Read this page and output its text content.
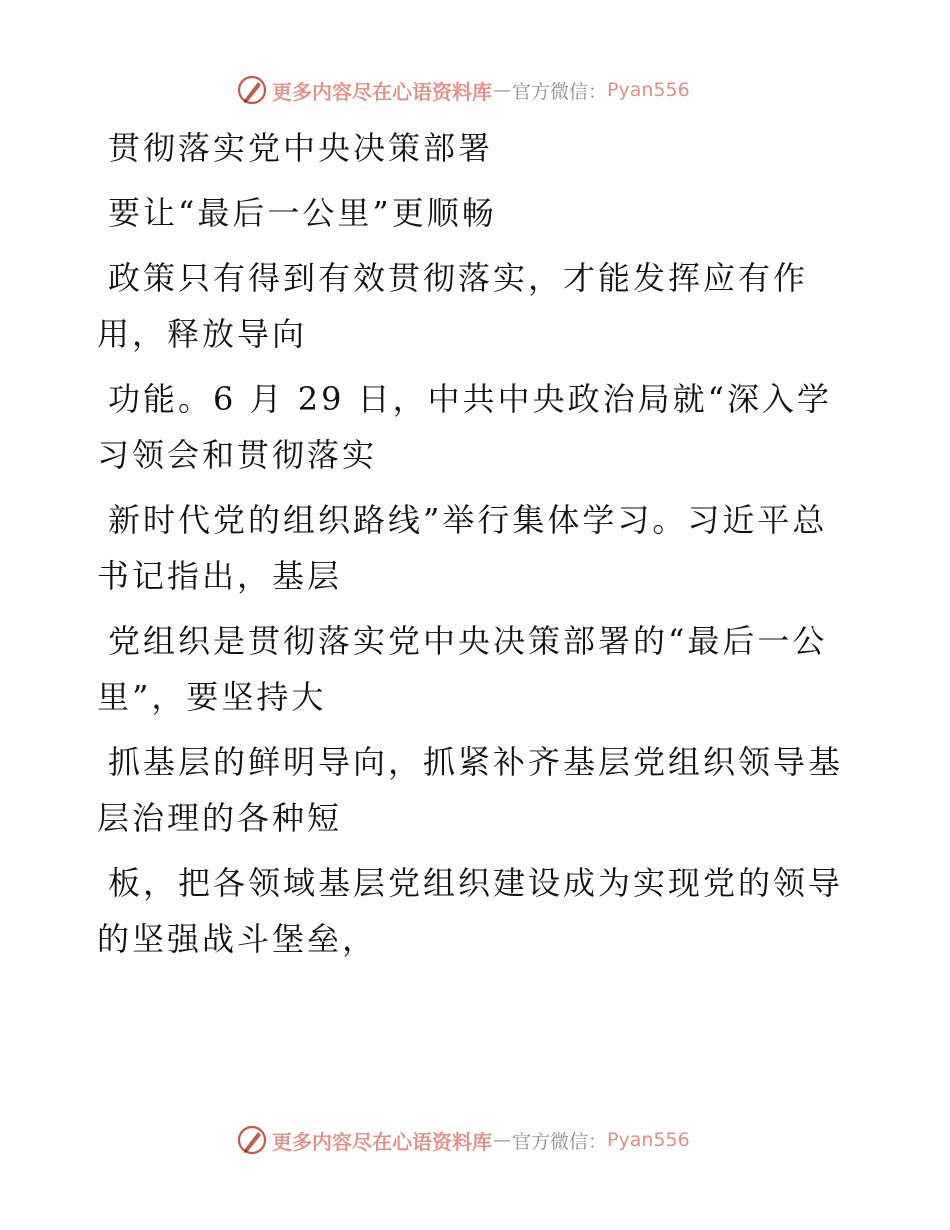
更多内容尽在心语资料库 — 官方微信： Pyan556
贯彻落实党中央决策部署
要让“最后一公里”更顺畅
政策只有得到有效贯彻落实，才能发挥应有作
用，释放导向
功能。6 月 29 日，中共中央政治局就“深入学
习领会和贯彻落实
新时代党的组织路线”举行集体学习。习近平总
书记指出，基层
党组织是贯彻落实党中央决策部署的“最后一公
里”，要坚持大
抓基层的鲜明导向，抓紧补齐基层党组织领导基
层治理的各种短
板，把各领域基层党组织建设成为实现党的领导
的坚强战斗堡垒，
更多内容尽在心语资料库 — 官方微信： Pyan556
